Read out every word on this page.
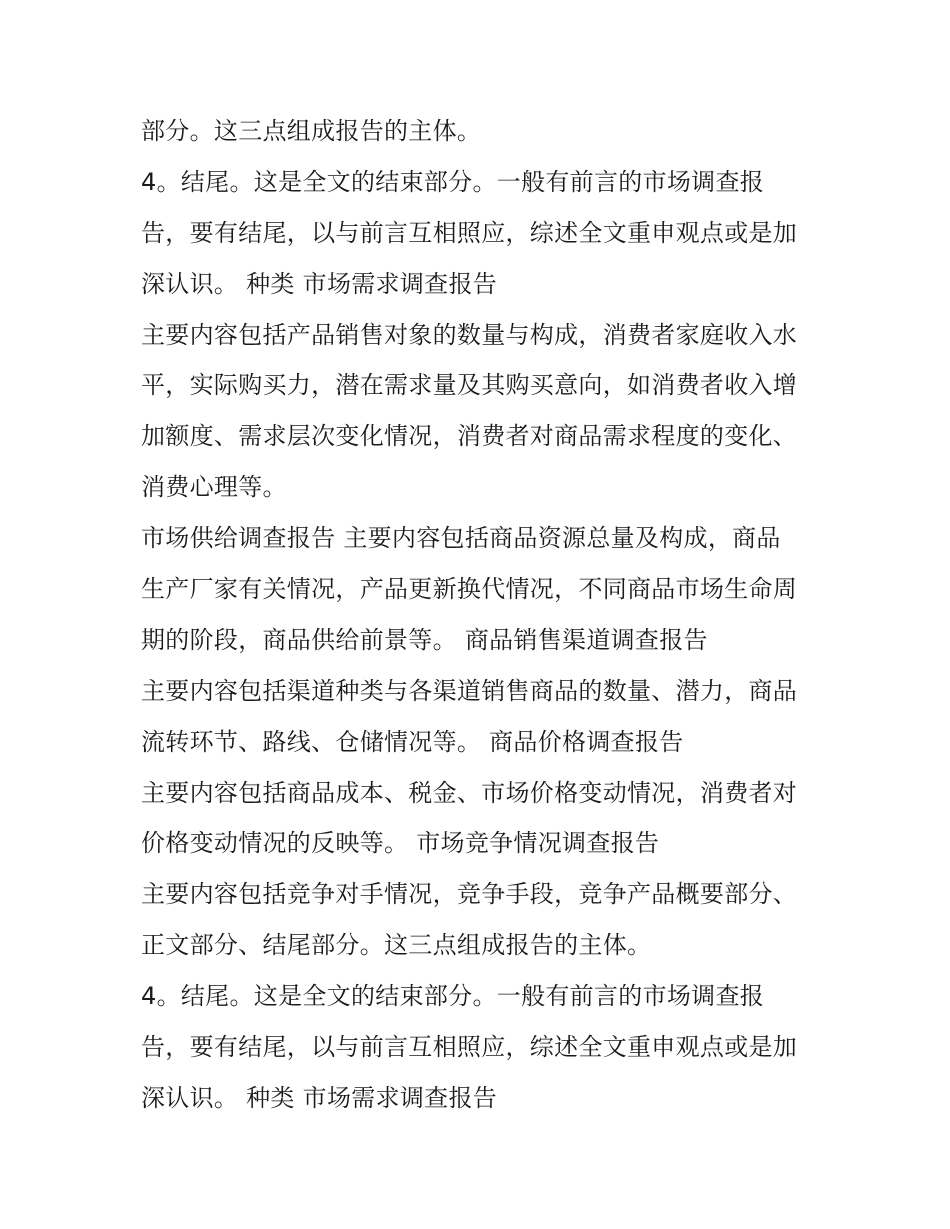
部分。这三点组成报告的主体。
4。结尾。这是全文的结束部分。一般有前言的市场调查报
告，要有结尾，以与前言互相照应，综述全文重申观点或是加
深认识。 种类 市场需求调查报告
主要内容包括产品销售对象的数量与构成，消费者家庭收入水
平，实际购买力，潜在需求量及其购买意向，如消费者收入增
加额度、需求层次变化情况，消费者对商品需求程度的变化、
消费心理等。
市场供给调查报告 主要内容包括商品资源总量及构成，商品
生产厂家有关情况，产品更新换代情况，不同商品市场生命周
期的阶段，商品供给前景等。 商品销售渠道调查报告
主要内容包括渠道种类与各渠道销售商品的数量、潜力，商品
流转环节、路线、仓储情况等。 商品价格调查报告
主要内容包括商品成本、税金、市场价格变动情况，消费者对
价格变动情况的反映等。 市场竞争情况调查报告
主要内容包括竞争对手情况，竞争手段，竞争产品概要部分、
正文部分、结尾部分。这三点组成报告的主体。
4。结尾。这是全文的结束部分。一般有前言的市场调查报
告，要有结尾，以与前言互相照应，综述全文重申观点或是加
深认识。 种类 市场需求调查报告
